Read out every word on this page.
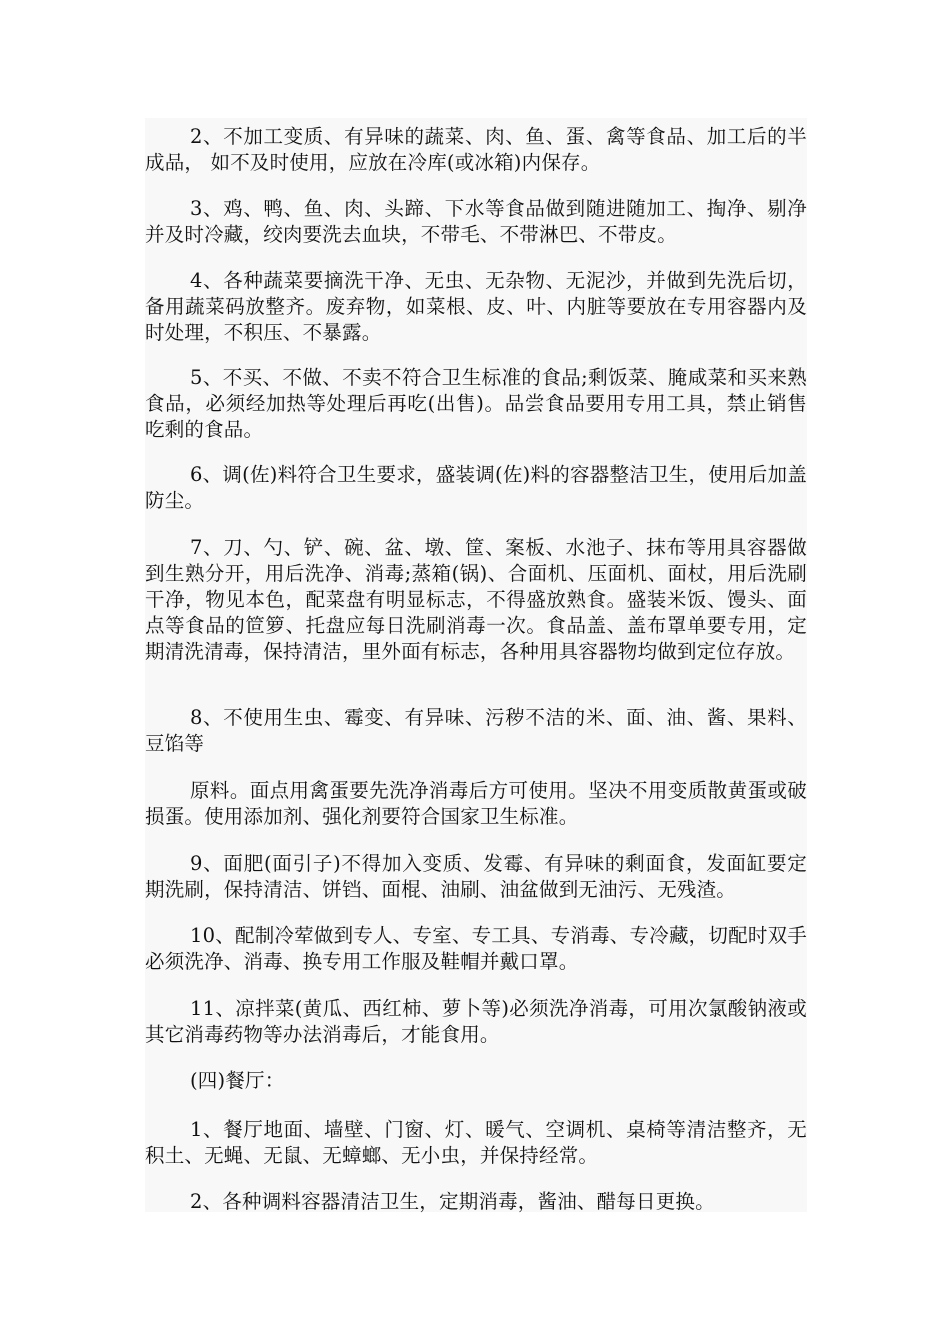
2、不加工变质、有异味的蔬菜、肉、鱼、蛋、禽等食品、加工后的半成品， 如不及时使用，应放在冷库(或冰箱)内保存。

3、鸡、鸭、鱼、肉、头蹄、下水等食品做到随进随加工、掏净、剔净并及时冷藏，绞肉要洗去血块，不带毛、不带淋巴、不带皮。

4、各种蔬菜要摘洗干净、无虫、无杂物、无泥沙，并做到先洗后切，备用蔬菜码放整齐。废弃物，如菜根、皮、叶、内脏等要放在专用容器内及时处理，不积压、不暴露。

5、不买、不做、不卖不符合卫生标准的食品;剩饭菜、腌咸菜和买来熟食品，必须经加热等处理后再吃(出售)。品尝食品要用专用工具，禁止销售吃剩的食品。

6、调(佐)料符合卫生要求，盛装调(佐)料的容器整洁卫生，使用后加盖防尘。

7、刀、勺、铲、碗、盆、墩、筐、案板、水池子、抹布等用具容器做到生熟分开，用后洗净、消毒;蒸箱(锅)、合面机、压面机、面杖，用后洗刷干净，物见本色，配菜盘有明显标志，不得盛放熟食。盛装米饭、馒头、面点等食品的笸箩、托盘应每日洗刷消毒一次。食品盖、盖布罩单要专用，定期清洗清毒，保持清洁，里外面有标志，各种用具容器物均做到定位存放。

8、不使用生虫、霉变、有异味、污秽不洁的米、面、油、酱、果料、豆馅等

原料。面点用禽蛋要先洗净消毒后方可使用。坚决不用变质散黄蛋或破损蛋。使用添加剂、强化剂要符合国家卫生标准。

9、面肥(面引子)不得加入变质、发霉、有异味的剩面食，发面缸要定期洗刷，保持清洁、饼铛、面棍、油刷、油盆做到无油污、无残渣。

10、配制冷荤做到专人、专室、专工具、专消毒、专冷藏，切配时双手必须洗净、消毒、换专用工作服及鞋帽并戴口罩。

11、凉拌菜(黄瓜、西红柿、萝卜等)必须洗净消毒，可用次氯酸钠液或其它消毒药物等办法消毒后，才能食用。

(四)餐厅：

1、餐厅地面、墙壁、门窗、灯、暖气、空调机、桌椅等清洁整齐，无积土、无蝇、无鼠、无蟑螂、无小虫，并保持经常。

2、各种调料容器清洁卫生，定期消毒，酱油、醋每日更换。
